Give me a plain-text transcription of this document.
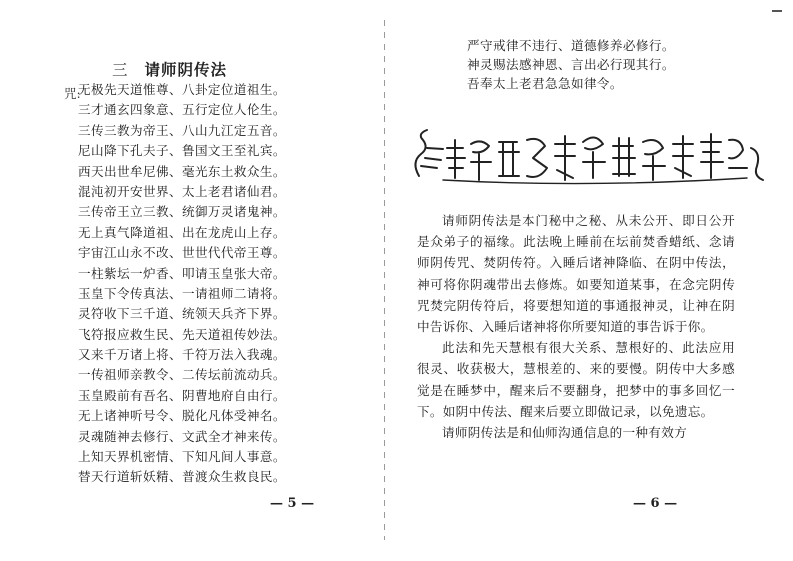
三 请师阴传法
咒:
无极先天道惟尊、八卦定位道祖生。
三才通玄四象意、五行定位人伦生。
三传三教为帝王、八山九江定五音。
尼山降下孔夫子、鲁国文王至礼宾。
西天出世牟尼佛、毫光东土救众生。
混沌初开安世界、太上老君诸仙君。
三传帝王立三教、统御万灵诸鬼神。
无上真气降道祖、出在龙虎山上存。
宇宙江山永不改、世世代代帝王尊。
一柱紫坛一炉香、叩请玉皇张大帝。
玉皇下令传真法、一请祖师二请将。
灵符收下三千道、统领天兵齐下界。
飞符报应救生民、先天道祖传妙法。
又来千万诸上将、千符万法入我魂。
一传祖师亲教令、二传坛前流动兵。
玉皇殿前有吾名、阴曹地府自由行。
无上诸神听号令、脱化凡体受神名。
灵魂随神去修行、文武全才神来传。
上知天界机密情、下知凡间人事意。
替天行道斩妖精、普渡众生救良民。
— 5 —
严守戒律不违行、道德修养必修行。
神灵赐法感神恩、言出必行现其行。
吾奉太上老君急急如律令。

请师阴传法是本门秘中之秘、从未公开、即日公开是众弟子的福缘。此法晚上睡前在坛前焚香蜡纸、念请师阴传咒、焚阴传符。入睡后诸神降临、在阴中传法，神可将你阴魂带出去修炼。如要知道某事，在念完阴传咒焚完阴传符后，将要想知道的事通报神灵，让神在阴中告诉你、入睡后诸神将你所要知道的事告诉于你。

此法和先天慧根有很大关系、慧根好的、此法应用很灵、收获极大，慧根差的、来的要慢。阴传中大多感觉是在睡梦中，醒来后不要翻身，把梦中的事多回忆一下。如阴中传法、醒来后要立即做记录，以免遗忘。

请师阴传法是和仙师沟通信息的一种有效方

— 6 —
